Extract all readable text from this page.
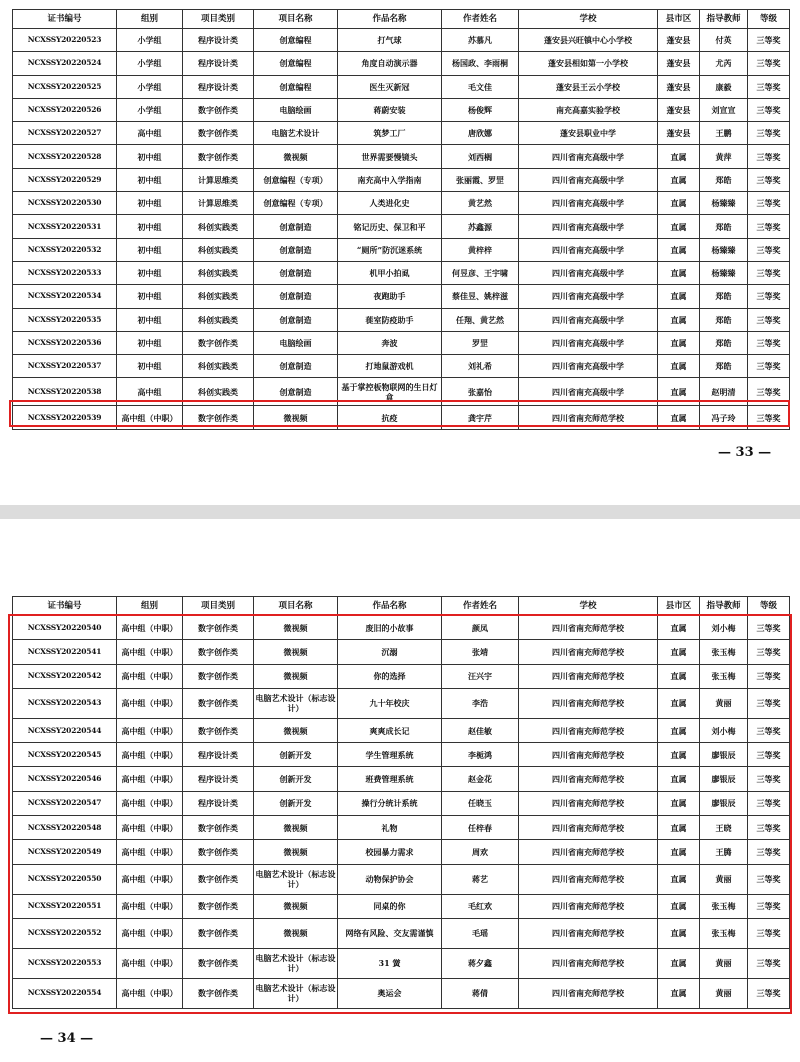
证书编号	组别	项目类别	项目名称	作品名称	作者姓名	学校	县市区	指导教师	等级
NCXSSY20220523	小学组	程序设计类	创意编程	打气球	苏慕凡	蓬安县兴旺镇中心小学校	蓬安县	付英	三等奖
NCXSSY20220524	小学组	程序设计类	创意编程	角度自动演示器	杨国政、李雨桐	蓬安县相如第一小学校	蓬安县	尤芮	三等奖
NCXSSY20220525	小学组	程序设计类	创意编程	医生灭新冠	毛文佳	蓬安县王云小学校	蓬安县	康毅	三等奖
NCXSSY20220526	小学组	数字创作类	电脑绘画	蒋蔚安装	杨俊辉	南充高嘉实验学校	蓬安县	刘宣宣	三等奖
NCXSSY20220527	高中组	数字创作类	电脑艺术设计	筑梦工厂	唐欣娜	蓬安县职业中学	蓬安县	王鹏	三等奖
NCXSSY20220528	初中组	数字创作类	微视频	世界需要慢镜头	刘西榈	四川省南充高级中学	直属	黄萍	三等奖
NCXSSY20220529	初中组	计算思维类	创意编程（专项）	南充高中入学指南	张丽霞、罗罡	四川省南充高级中学	直属	郑皓	三等奖
NCXSSY20220530	初中组	计算思维类	创意编程（专项）	人类进化史	黄艺然	四川省南充高级中学	直属	杨臻臻	三等奖
NCXSSY20220531	初中组	科创实践类	创意制造	铭记历史、保卫和平	苏鑫源	四川省南充高级中学	直属	郑皓	三等奖
NCXSSY20220532	初中组	科创实践类	创意制造	“厕所”防沉迷系统	黄梓梓	四川省南充高级中学	直属	杨臻臻	三等奖
NCXSSY20220533	初中组	科创实践类	创意制造	机甲小拍虱	何昱彦、王宇啸	四川省南充高级中学	直属	杨臻臻	三等奖
NCXSSY20220534	初中组	科创实践类	创意制造	夜跑助手	蔡佳昱、姚梓滋	四川省南充高级中学	直属	郑皓	三等奖
NCXSSY20220535	初中组	科创实践类	创意制造	蓰室防疫助手	任翔、黄艺然	四川省南充高级中学	直属	郑皓	三等奖
NCXSSY20220536	初中组	数字创作类	电脑绘画	奔波	罗罡	四川省南充高级中学	直属	郑皓	三等奖
NCXSSY20220537	初中组	科创实践类	创意制造	打地鼠游戏机	刘礼希	四川省南充高级中学	直属	郑皓	三等奖
NCXSSY20220538	高中组	科创实践类	创意制造	基于掌控板物联网的生日灯盒	张嘉怡	四川省南充高级中学	直属	赵明清	三等奖
NCXSSY20220539	高中组（中职）	数字创作类	微视频	抗疫	龚宇芹	四川省南充师范学校	直属	冯子玲	三等奖
— 33 —
证书编号	组别	项目类别	项目名称	作品名称	作者姓名	学校	县市区	指导教师	等级
NCXSSY20220540	高中组（中职）	数字创作类	微视频	废旧的小故事	颜凤	四川省南充师范学校	直属	刘小梅	三等奖
NCXSSY20220541	高中组（中职）	数字创作类	微视频	沉溺	张靖	四川省南充师范学校	直属	张玉梅	三等奖
NCXSSY20220542	高中组（中职）	数字创作类	微视频	你的选择	汪兴宇	四川省南充师范学校	直属	张玉梅	三等奖
NCXSSY20220543	高中组（中职）	数字创作类	电脑艺术设计（标志设计）	九十年校庆	李浩	四川省南充师范学校	直属	黄丽	三等奖
NCXSSY20220544	高中组（中职）	数字创作类	微视频	爽爽成长记	赵佳敏	四川省南充师范学校	直属	刘小梅	三等奖
NCXSSY20220545	高中组（中职）	程序设计类	创新开发	学生管理系统	李栀鸿	四川省南充师范学校	直属	廖银辰	三等奖
NCXSSY20220546	高中组（中职）	程序设计类	创新开发	班费管理系统	赵金花	四川省南充师范学校	直属	廖银辰	三等奖
NCXSSY20220547	高中组（中职）	程序设计类	创新开发	操行分统计系统	任晓玉	四川省南充师范学校	直属	廖银辰	三等奖
NCXSSY20220548	高中组（中职）	数字创作类	微视频	礼物	任梓春	四川省南充师范学校	直属	王晓	三等奖
NCXSSY20220549	高中组（中职）	数字创作类	微视频	校园暴力需求	周欢	四川省南充师范学校	直属	王腾	三等奖
NCXSSY20220550	高中组（中职）	数字创作类	电脑艺术设计（标志设计）	动物保护协会	蒋艺	四川省南充师范学校	直属	黄丽	三等奖
NCXSSY20220551	高中组（中职）	数字创作类	微视频	同桌的你	毛红欢	四川省南充师范学校	直属	张玉梅	三等奖
NCXSSY20220552	高中组（中职）	数字创作类	微视频	网络有风险、交友需谨慎	毛瑶	四川省南充师范学校	直属	张玉梅	三等奖
NCXSSY20220553	高中组（中职）	数字创作类	电脑艺术设计（标志设计）	31 黉	蒋夕鑫	四川省南充师范学校	直属	黄丽	三等奖
NCXSSY20220554	高中组（中职）	数字创作类	电脑艺术设计（标志设计）	奥运会	蒋倩	四川省南充师范学校	直属	黄丽	三等奖
— 34 —
